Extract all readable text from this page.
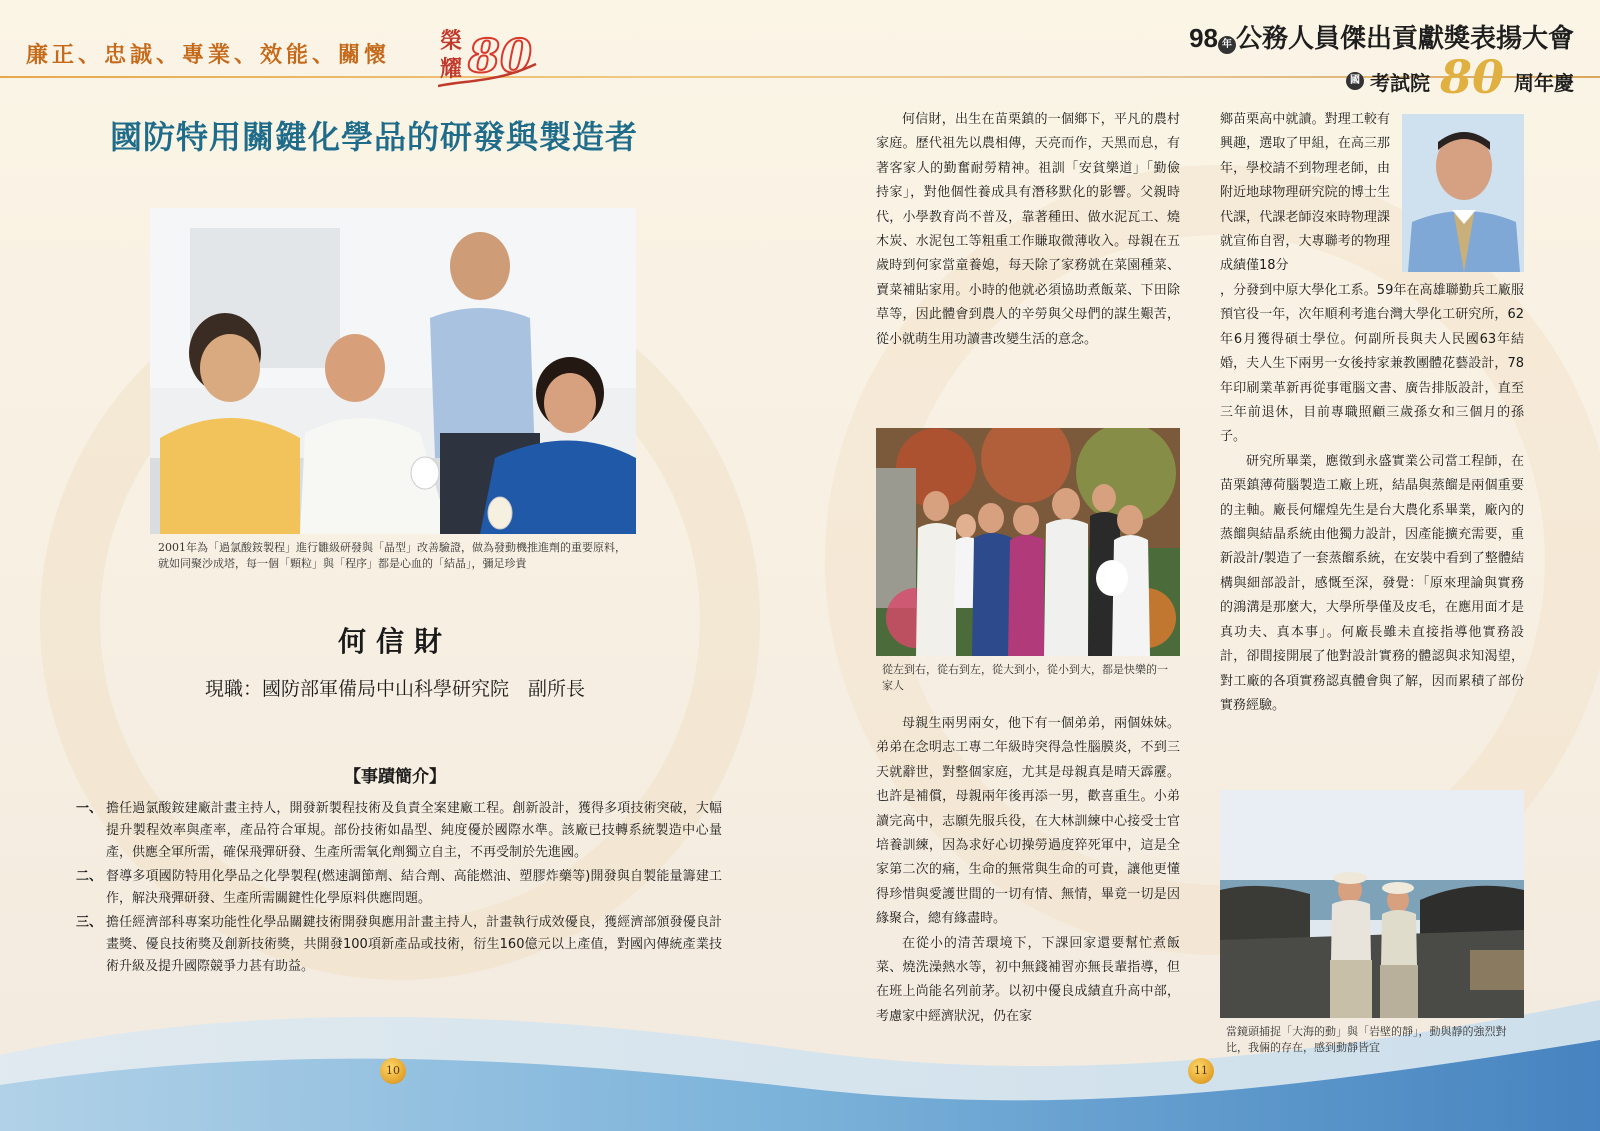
廉正、忠誠、專業、效能、關懷
榮
耀 80	98 年 公務人員傑出貢獻獎表揚大會
國 考試院 80 周年慶
國防特用關鍵化學品的研發與製造者
2001年為「過氯酸銨製程」進行雛級研發與「晶型」改善驗證，做為發動機推進劑的重要原料，就如同聚沙成塔，每一個「顆粒」與「程序」都是心血的「結晶」，彌足珍貴
何信財
現職：國防部軍備局中山科學研究院　副所長
【事蹟簡介】
一、 擔任過氯酸銨建廠計畫主持人，開發新製程技術及負責全案建廠工程。創新設計，獲得多項技術突破，大幅提升製程效率與產率，產品符合軍規。部份技術如晶型、純度優於國際水準。該廠已技轉系統製造中心量產，供應全軍所需，確保飛彈研發、生產所需氧化劑獨立自主，不再受制於先進國。
二、 督導多項國防特用化學品之化學製程(燃速調節劑、結合劑、高能燃油、塑膠炸藥等)開發與自製能量籌建工作，解決飛彈研發、生產所需關鍵性化學原料供應問題。
三、 擔任經濟部科專案功能性化學品關鍵技術開發與應用計畫主持人，計畫執行成效優良，獲經濟部頒發優良計畫獎、優良技術獎及創新技術獎，共開發100項新產品或技術，衍生160億元以上產值，對國內傳統產業技術升級及提升國際競爭力甚有助益。
10

何信財，出生在苗栗鎮的一個鄉下，平凡的農村家庭。歷代祖先以農相傳，天亮而作，天黑而息，有著客家人的勤奮耐勞精神。祖訓「安貧樂道」「勤儉持家」，對他個性養成具有潛移默化的影響。父親時代，小學教育尚不普及，靠著種田、做水泥瓦工、燒木炭、水泥包工等粗重工作賺取微薄收入。母親在五歲時到何家當童養媳，每天除了家務就在菜園種菜、賣菜補貼家用。小時的他就必須協助煮飯菜、下田除草等，因此體會到農人的辛勞與父母們的謀生艱苦，從小就萌生用功讀書改變生活的意念。

從左到右，從右到左，從大到小，從小到大，都是快樂的一家人

母親生兩男兩女，他下有一個弟弟，兩個妹妹。弟弟在念明志工專二年級時突得急性腦膜炎，不到三天就辭世，對整個家庭，尤其是母親真是晴天霹靂。也許是補償，母親兩年後再添一男，歡喜重生。小弟讀完高中，志願先服兵役，在大林訓練中心接受士官培養訓練，因為求好心切操勞過度猝死軍中，這是全家第二次的痛，生命的無常與生命的可貴，讓他更懂得珍惜與愛護世間的一切有情、無情，畢竟一切是因緣聚合，總有緣盡時。

在從小的清苦環境下，下課回家還要幫忙煮飯菜、燒洗澡熱水等，初中無錢補習亦無長輩指導，但在班上尚能名列前茅。以初中優良成績直升高中部，考慮家中經濟狀況，仍在家

鄉苗栗高中就讀。對理工較有興趣，選取了甲組，在高三那年，學校請不到物理老師，由附近地球物理研究院的博士生代課，代課老師沒來時物理課就宣佈自習，大專聯考的物理成績僅18分

，分發到中原大學化工系。59年在高雄聯勤兵工廠服預官役一年，次年順利考進台灣大學化工研究所，62年6月獲得碩士學位。何副所長與夫人民國63年結婚，夫人生下兩男一女後持家兼教團體花藝設計，78年印刷業革新再從事電腦文書、廣告排版設計，直至三年前退休，目前專職照顧三歲孫女和三個月的孫子。

研究所畢業，應徵到永盛實業公司當工程師，在苗栗鎮薄荷腦製造工廠上班，結晶與蒸餾是兩個重要的主軸。廠長何耀煌先生是台大農化系畢業，廠內的蒸餾與結晶系統由他獨力設計，因產能擴充需要，重新設計/製造了一套蒸餾系統，在安裝中看到了整體結構與細部設計，感慨至深，發覺：「原來理論與實務的鴻溝是那麼大，大學所學僅及皮毛，在應用面才是真功夫、真本事」。何廠長雖未直接指導他實務設計，卻間接開展了他對設計實務的體認與求知渴望，對工廠的各項實務認真體會與了解，因而累積了部份實務經驗。

當鏡頭捕捉「大海的動」與「岩壁的靜」，動與靜的強烈對比，我倆的存在，感到動靜皆宜
11
